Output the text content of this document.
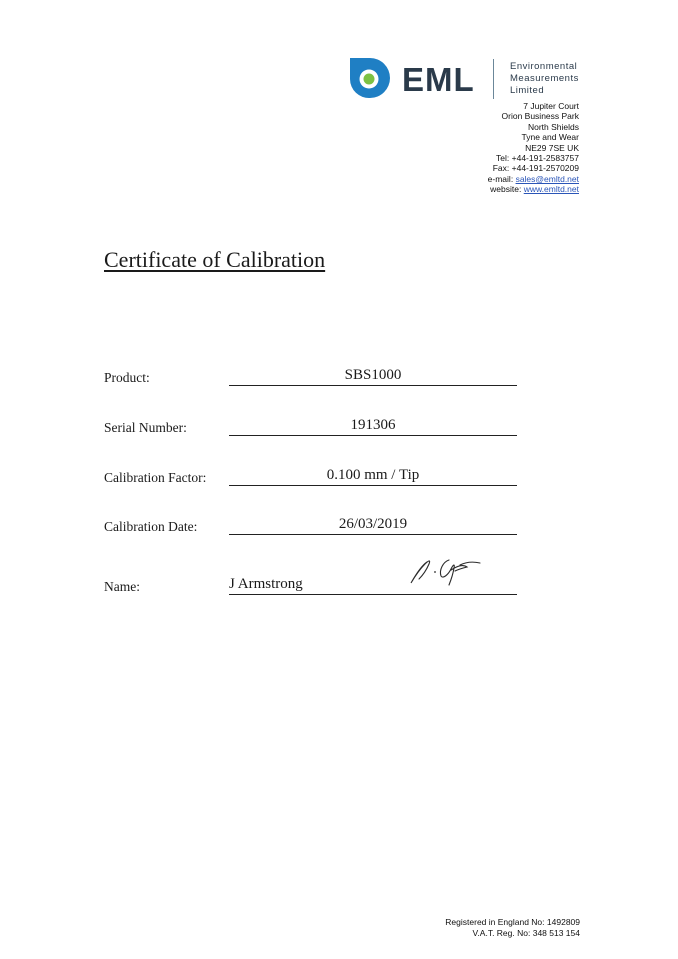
EML	Environmental
Measurements
Limited
7 Jupiter Court
Orion Business Park
North Shields
Tyne and Wear
NE29 7SE UK
Tel: +44-191-2583757
Fax: +44-191-2570209
e-mail: sales@emltd.net
website: www.emltd.net
Certificate of Calibration
Product:	SBS1000
Serial Number:	191306
Calibration Factor:	0.100 mm / Tip
Calibration Date:	26/03/2019
Name:	J Armstrong
Registered in England No: 1492809
V.A.T. Reg. No: 348 513 154
